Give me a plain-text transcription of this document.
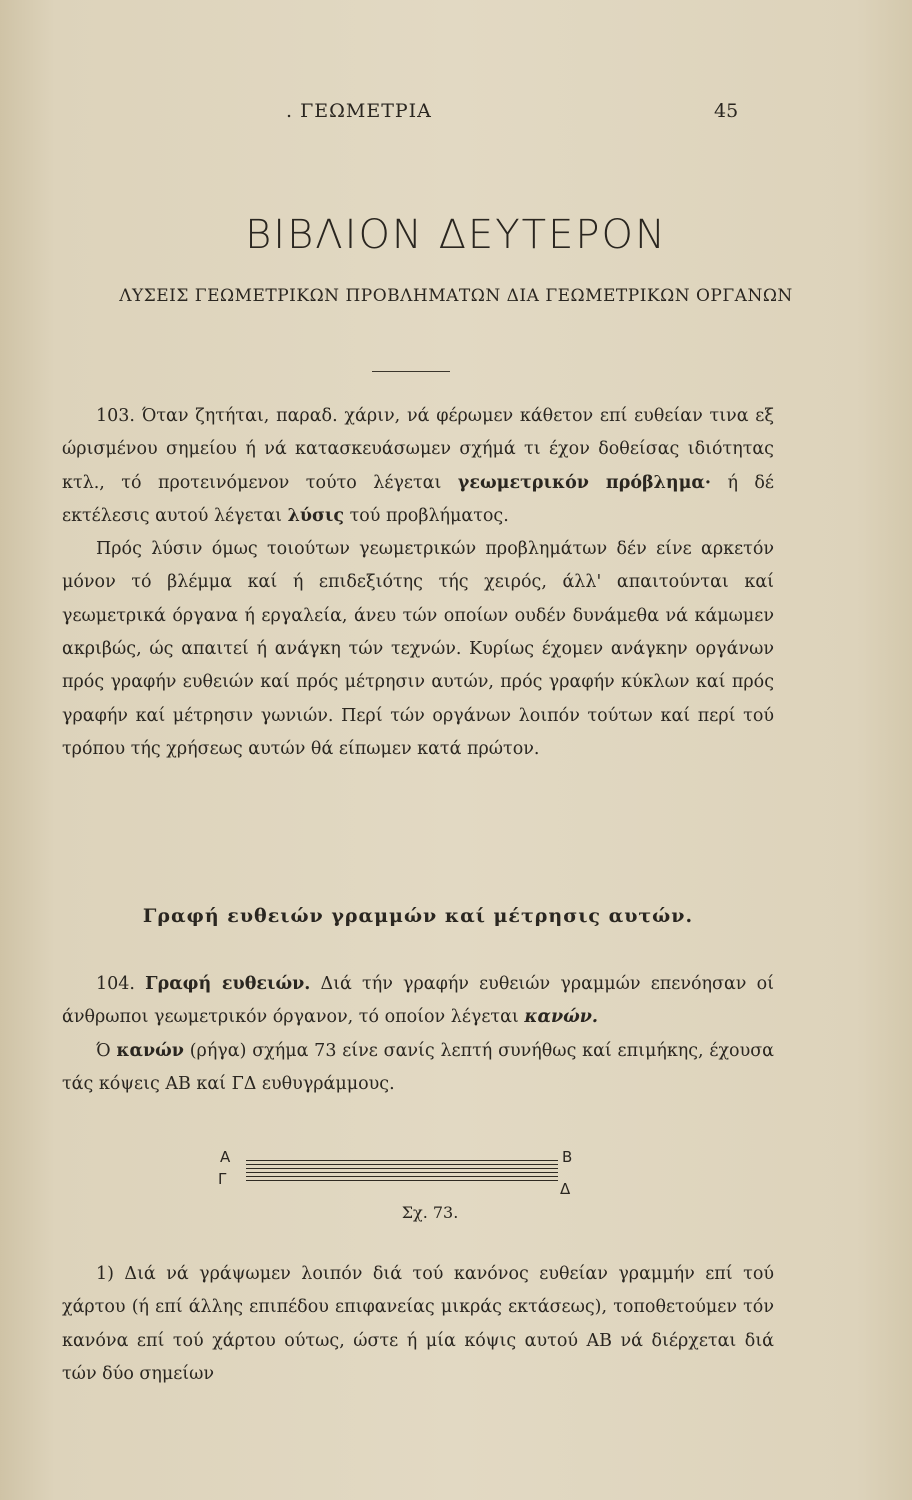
. ΓΕΩΜΕΤΡΙΑ	45
ΒΙΒΛΙΟΝ ΔΕΥΤΕΡΟΝ
ΛΥΣΕΙΣ ΓΕΩΜΕΤΡΙΚΩΝ ΠΡΟΒΛΗΜΑΤΩΝ ΔΙΑ ΓΕΩΜΕΤΡΙΚΩΝ ΟΡΓΑΝΩΝ

103. Όταν ζητήται, παραδ. χάριν, νά φέρωμεν κάθετον επί ευθείαν τινα εξ ώρισμένου σημείου ή νά κατασκευάσωμεν σχήμά τι έχον δοθείσας ιδιότητας κτλ., τό προτεινόμενον τούτο λέγεται γεωμετρικόν πρόβλημα· ή δέ εκτέλεσις αυτού λέγεται λύσις τού προβλήματος.

Πρός λύσιν όμως τοιούτων γεωμετρικών προβλημάτων δέν είνε αρκετόν μόνον τό βλέμμα καί ή επιδεξιότης τής χειρός, άλλ' απαιτούνται καί γεωμετρικά όργανα ή εργαλεία, άνευ τών οποίων ουδέν δυνάμεθα νά κάμωμεν ακριβώς, ώς απαιτεί ή ανάγκη τών τεχνών. Κυρίως έχομεν ανάγκην οργάνων πρός γραφήν ευθειών καί πρός μέτρησιν αυτών, πρός γραφήν κύκλων καί πρός γραφήν καί μέτρησιν γωνιών. Περί τών οργάνων λοιπόν τούτων καί περί τού τρόπου τής χρήσεως αυτών θά είπωμεν κατά πρώτον.

Γραφή ευθειών γραμμών καί μέτρησις αυτών.

104. Γραφή ευθειών. Διά τήν γραφήν ευθειών γραμμών επενόησαν οί άνθρωποι γεωμετρικόν όργανον, τό οποίον λέγεται κανών.

Ό κανών (ρήγα) σχήμα 73 είνε σανίς λεπτή συνήθως καί επιμήκης, έχουσα τάς κόψεις ΑΒ καί ΓΔ ευθυγράμμους.

Α	Β
Γ
Δ
Σχ. 73.

1) Διά νά γράψωμεν λοιπόν διά τού κανόνος ευθείαν γραμμήν επί τού χάρτου (ή επί άλλης επιπέδου επιφανείας μικράς εκτάσεως), τοποθετούμεν τόν κανόνα επί τού χάρτου ούτως, ώστε ή μία κόψις αυτού ΑΒ νά διέρχεται διά τών δύο σημείων
